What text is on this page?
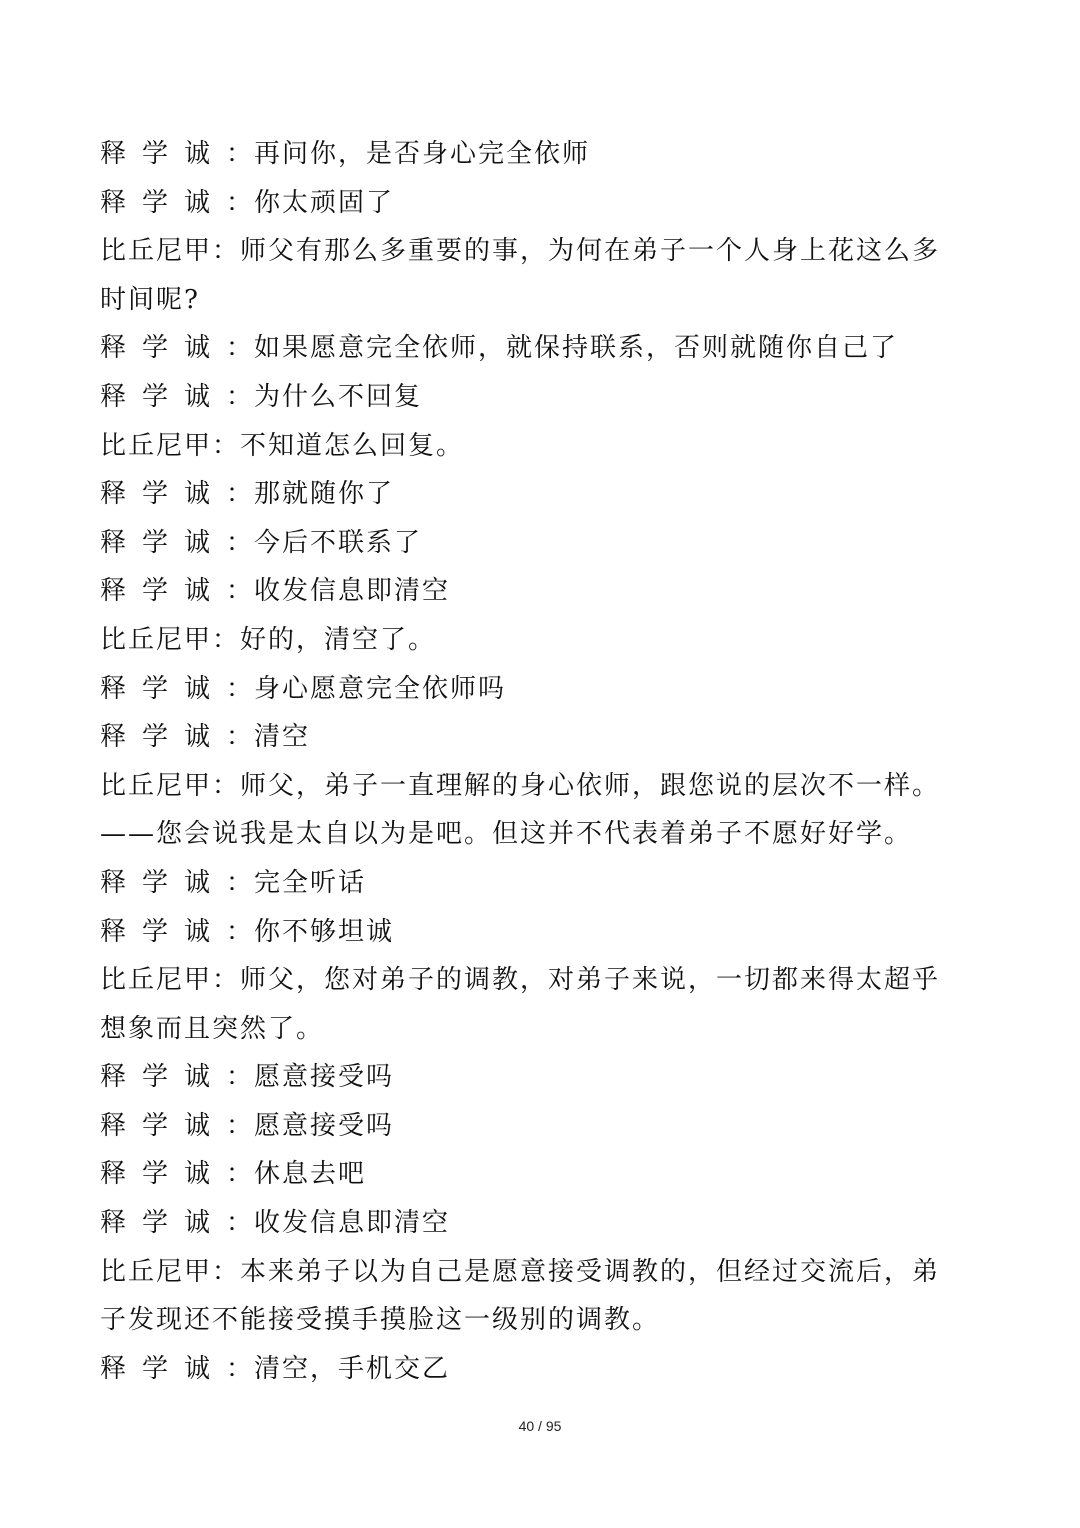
释学诚：再问你，是否身心完全依师
释学诚：你太顽固了
比丘尼甲：师父有那么多重要的事，为何在弟子一个人身上花这么多
时间呢?
释学诚：如果愿意完全依师，就保持联系，否则就随你自己了
释学诚：为什么不回复
比丘尼甲：不知道怎么回复。
释学诚：那就随你了
释学诚：今后不联系了
释学诚：收发信息即清空
比丘尼甲：好的，清空了。
释学诚：身心愿意完全依师吗
释学诚：清空
比丘尼甲：师父，弟子一直理解的身心依师，跟您说的层次不一样。
——您会说我是太自以为是吧。但这并不代表着弟子不愿好好学。
释学诚：完全听话
释学诚：你不够坦诚
比丘尼甲：师父，您对弟子的调教，对弟子来说，一切都来得太超乎
想象而且突然了。
释学诚：愿意接受吗
释学诚：愿意接受吗
释学诚：休息去吧
释学诚：收发信息即清空
比丘尼甲：本来弟子以为自己是愿意接受调教的，但经过交流后，弟
子发现还不能接受摸手摸脸这一级别的调教。
释学诚：清空，手机交乙
40 / 95
